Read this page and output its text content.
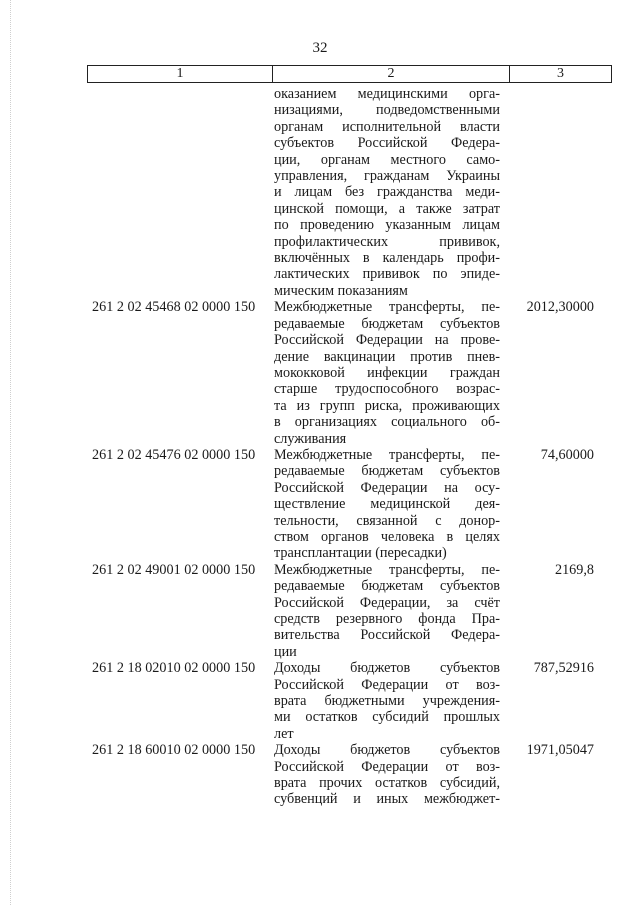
32
1	2	3
оказанием медицинскими орга-
низациями, подведомственными
органам исполнительной власти
субъектов Российской Федера-
ции, органам местного само-
управления, гражданам Украины
и лицам без гражданства меди-
цинской помощи, а также затрат
по проведению указанным лицам
профилактических прививок,
включённых в календарь профи-
лактических прививок по эпиде-
мическим показаниям
261 2 02 45468 02 0000 150	Межбюджетные трансферты, пе-
редаваемые бюджетам субъектов
Российской Федерации на прове-
дение вакцинации против пнев-
мококковой инфекции граждан
старше трудоспособного возрас-
та из групп риска, проживающих
в организациях социального об-
служивания
2012,30000
261 2 02 45476 02 0000 150	Межбюджетные трансферты, пе-
редаваемые бюджетам субъектов
Российской Федерации на осу-
ществление медицинской дея-
тельности, связанной с донор-
ством органов человека в целях
трансплантации (пересадки)
74,60000
261 2 02 49001 02 0000 150	Межбюджетные трансферты, пе-
редаваемые бюджетам субъектов
Российской Федерации, за счёт
средств резервного фонда Пра-
вительства Российской Федера-
ции
2169,8
261 2 18 02010 02 0000 150	Доходы бюджетов субъектов
Российской Федерации от воз-
врата бюджетными учреждения-
ми остатков субсидий прошлых
лет
787,52916
261 2 18 60010 02 0000 150	Доходы бюджетов субъектов
Российской Федерации от воз-
врата прочих остатков субсидий,
субвенций и иных межбюджет-
1971,05047
